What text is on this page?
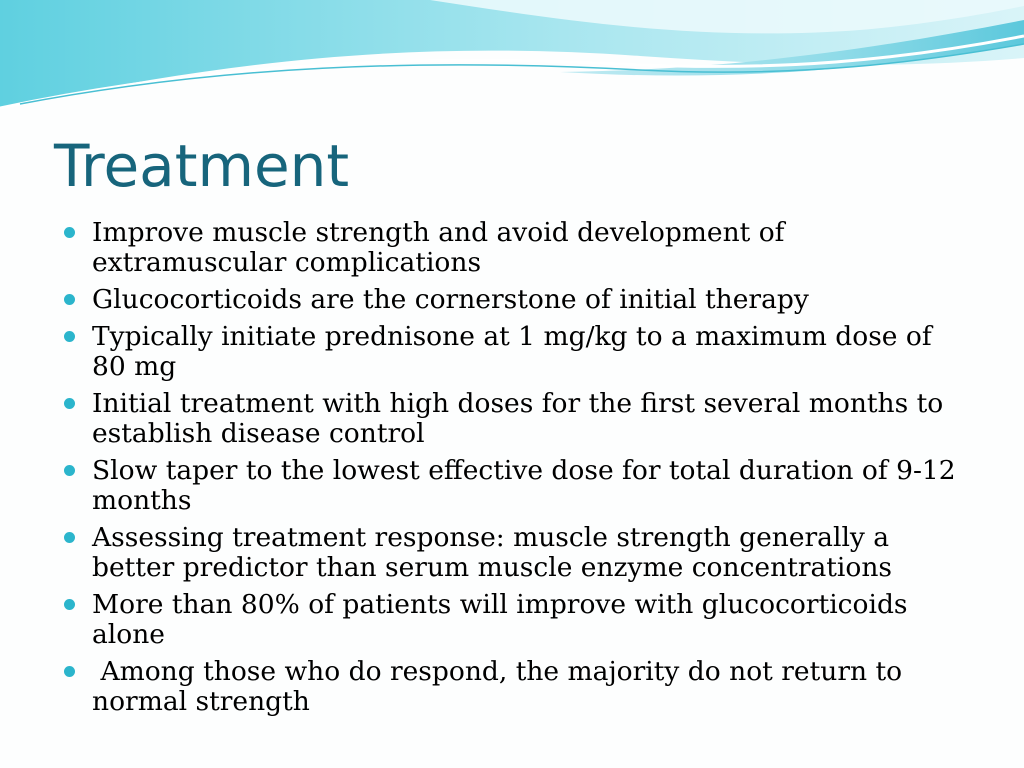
Treatment
Improve muscle strength and avoid development of extramuscular complications
Glucocorticoids are the cornerstone of initial therapy
Typically initiate prednisone at 1 mg/kg to a maximum dose of 80 mg
Initial treatment with high doses for the first several months to establish disease control
Slow taper to the lowest effective dose for total duration of 9-12 months
Assessing treatment response: muscle strength generally a better predictor than serum muscle enzyme concentrations
More than 80% of patients will improve with glucocorticoids alone
Among those who do respond, the majority do not return to normal strength
